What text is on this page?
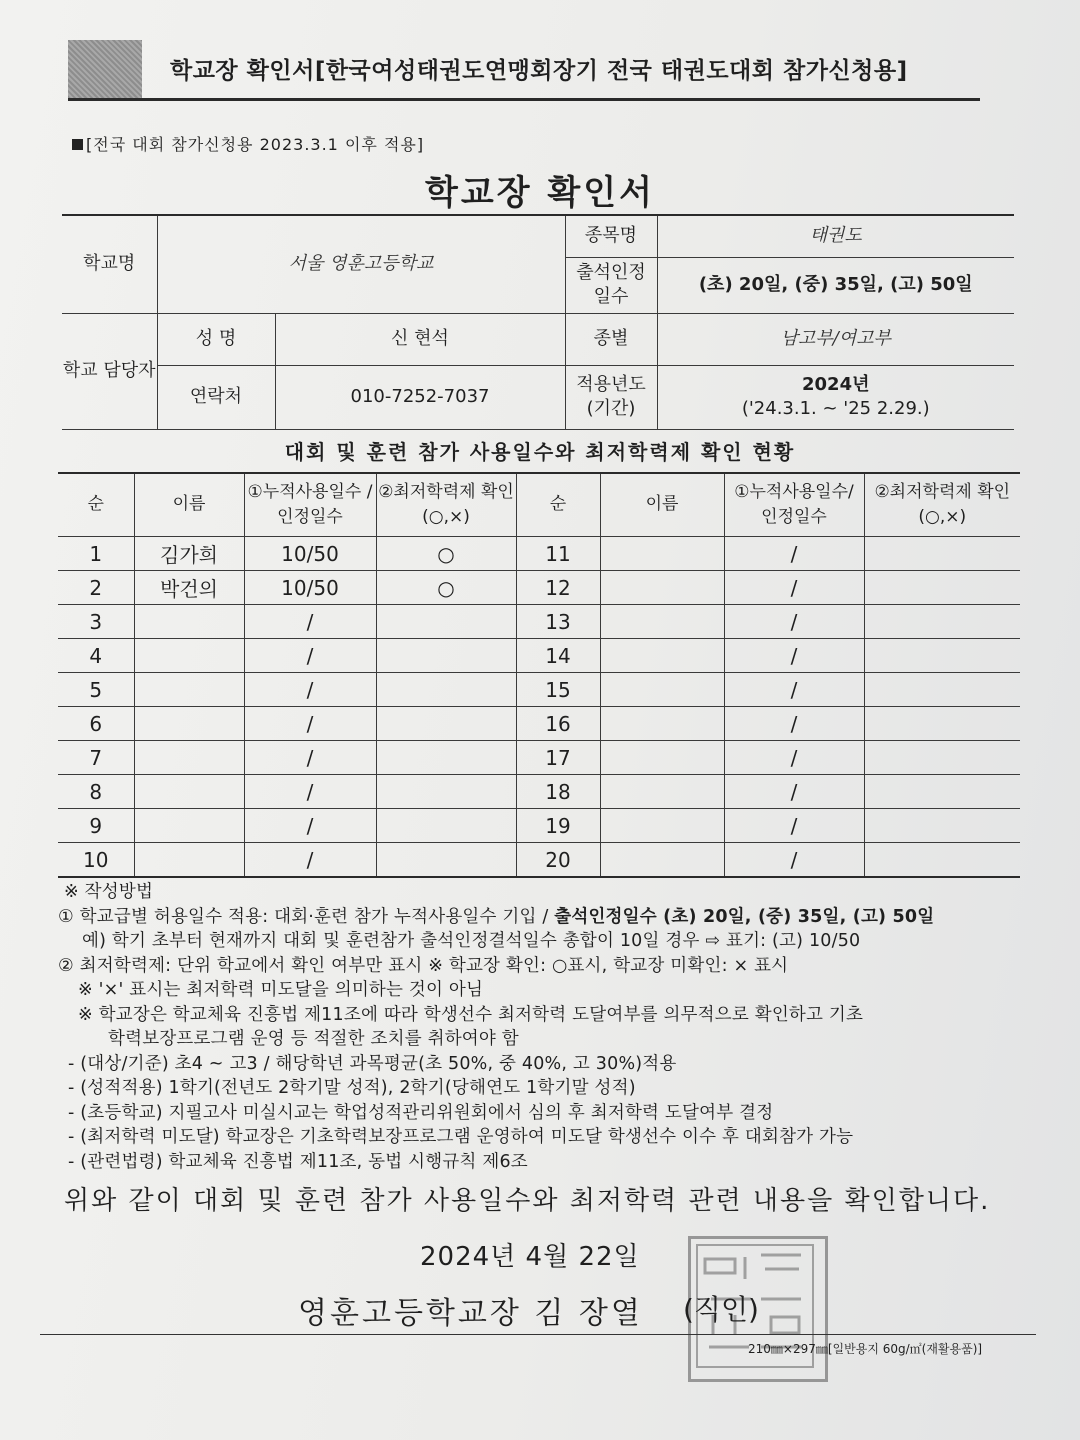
학교장 확인서[한국여성태권도연맹회장기 전국 태권도대회 참가신청용]
[전국 대회 참가신청용 2023.3.1 이후 적용]
학교장 확인서
학교명	서울 영훈고등학교		종목명	태권도
			출석인정 일수	(초) 20일, (중) 35일, (고) 50일
학교 담당자	성 명	신 현석	종별	남고부/여고부
	연락처	010-7252-7037	적용년도 (기간)	2024년
('24.3.1. ~ '25 2.29.)
대회 및 훈련 참가 사용일수와 최저학력제 확인 현황
순	이름	①누적사용일수 /인정일수	②최저학력제 확인(○,×)	순	이름	①누적사용일수/ 인정일수	②최저학력제 확인(○,×)
1	김가희	10/50	○	11		/	
2	박건의	10/50	○	12		/	
3		/		13		/	
4		/		14		/	
5		/		15		/	
6		/		16		/	
7		/		17		/	
8		/		18		/	
9		/		19		/	
10		/		20		/	
※ 작성방법
① 학교급별 허용일수 적용: 대회·훈련 참가 누적사용일수 기입 / 출석인정일수 (초) 20일, (중) 35일, (고) 50일
예) 학기 초부터 현재까지 대회 및 훈련참가 출석인정결석일수 총합이 10일 경우 ⇨ 표기: (고) 10/50
② 최저학력제: 단위 학교에서 확인 여부만 표시 ※ 학교장 확인: ○표시, 학교장 미확인: × 표시
※ '×' 표시는 최저학력 미도달을 의미하는 것이 아님
※ 학교장은 학교체육 진흥법 제11조에 따라 학생선수 최저학력 도달여부를 의무적으로 확인하고 기초
학력보장프로그램 운영 등 적절한 조치를 취하여야 함
- (대상/기준) 초4 ~ 고3 / 해당학년 과목평균(초 50%, 중 40%, 고 30%)적용
- (성적적용) 1학기(전년도 2학기말 성적), 2학기(당해연도 1학기말 성적)
- (초등학교) 지필고사 미실시교는 학업성적관리위원회에서 심의 후 최저학력 도달여부 결정
- (최저학력 미도달) 학교장은 기초학력보장프로그램 운영하여 미도달 학생선수 이수 후 대회참가 가능
- (관련법령) 학교체육 진흥법 제11조, 동법 시행규칙 제6조
위와 같이 대회 및 훈련 참가 사용일수와 최저학력 관련 내용을 확인합니다.
2024년 4월 22일
영훈고등학교장 김 장열 (직인)
210㎜×297㎜[일반용지 60g/㎡(재활용품)]
